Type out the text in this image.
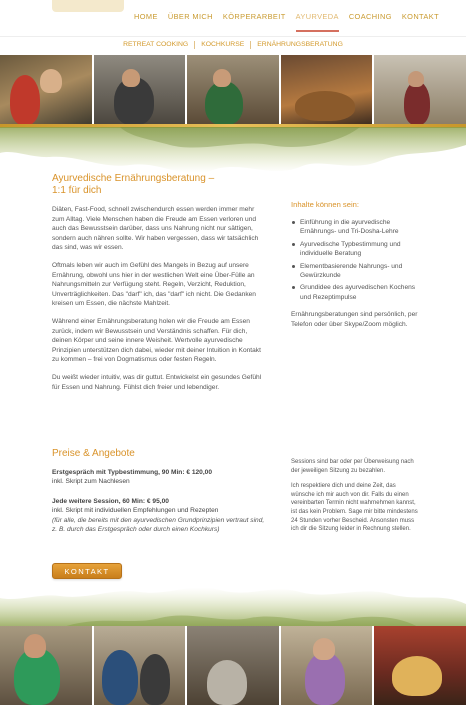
HOME	ÜBER MICH	KÖRPERARBEIT	AYURVEDA	COACHING	KONTAKT
RETREAT COOKING	KOCHKURSE	ERNÄHRUNGSBERATUNG
Ayurvedische Ernährungsberatung –
1:1 für dich

Diäten, Fast-Food, schnell zwischendurch essen werden immer mehr zum Alltag. Viele Menschen haben die Freude am Essen verloren und auch das Bewusstsein darüber, dass uns Nahrung nicht nur sättigen, sondern auch nähren sollte. Wir haben vergessen, dass wir tatsächlich das sind, was wir essen.

Oftmals leben wir auch im Gefühl des Mangels in Bezug auf unsere Ernährung, obwohl uns hier in der westlichen Welt eine Über-Fülle an Nahrungsmitteln zur Verfügung steht. Regeln, Verzicht, Reduktion, Unverträglichkeiten. Das "darf" ich, das "darf" ich nicht. Die Gedanken kreisen um Essen, die nächste Mahlzeit.

Während einer Ernährungsberatung holen wir die Freude am Essen zurück, indem wir Bewusstsein und Verständnis schaffen. Für dich, deinen Körper und seine innere Weisheit. Wertvolle ayurvedische Prinzipien unterstützen dich dabei, wieder mit deiner Intuition in Kontakt zu kommen – frei von Dogmatismus oder festen Regeln.

Du weißt wieder intuitiv, was dir guttut. Entwickelst ein gesundes Gefühl für Essen und Nahrung. Fühlst dich freier und lebendiger.

Inhalte können sein:
Einführung in die ayurvedische Ernährungs- und Tri-Dosha-Lehre
Ayurvedische Typbestimmung und individuelle Beratung
Elementbasierende Nahrungs- und Gewürzkunde
Grundidee des ayurvedischen Kochens und Rezeptimpulse

Ernährungsberatungen sind persönlich, per Telefon oder über Skype/Zoom möglich.

Preise & Angebote
Erstgespräch mit Typbestimmung, 90 Min: € 120,00
inkl. Skript zum Nachlesen
Jede weitere Session, 60 Min: € 95,00
inkl. Skript mit individuellen Empfehlungen und Rezepten
(für alle, die bereits mit den ayurvedischen Grundprinzipien vertraut sind, z. B. durch das Erstgespräch oder durch einen Kochkurs)

Sessions sind bar oder per Überweisung nach der jeweiligen Sitzung zu bezahlen.

Ich respektiere dich und deine Zeit, das wünsche ich mir auch von dir. Falls du einen vereinbarten Termin nicht wahrnehmen kannst, ist das kein Problem. Sage mir bitte mindestens 24 Stunden vorher Bescheid. Ansonsten muss ich dir die Sitzung leider in Rechnung stellen.

KONTAKT
